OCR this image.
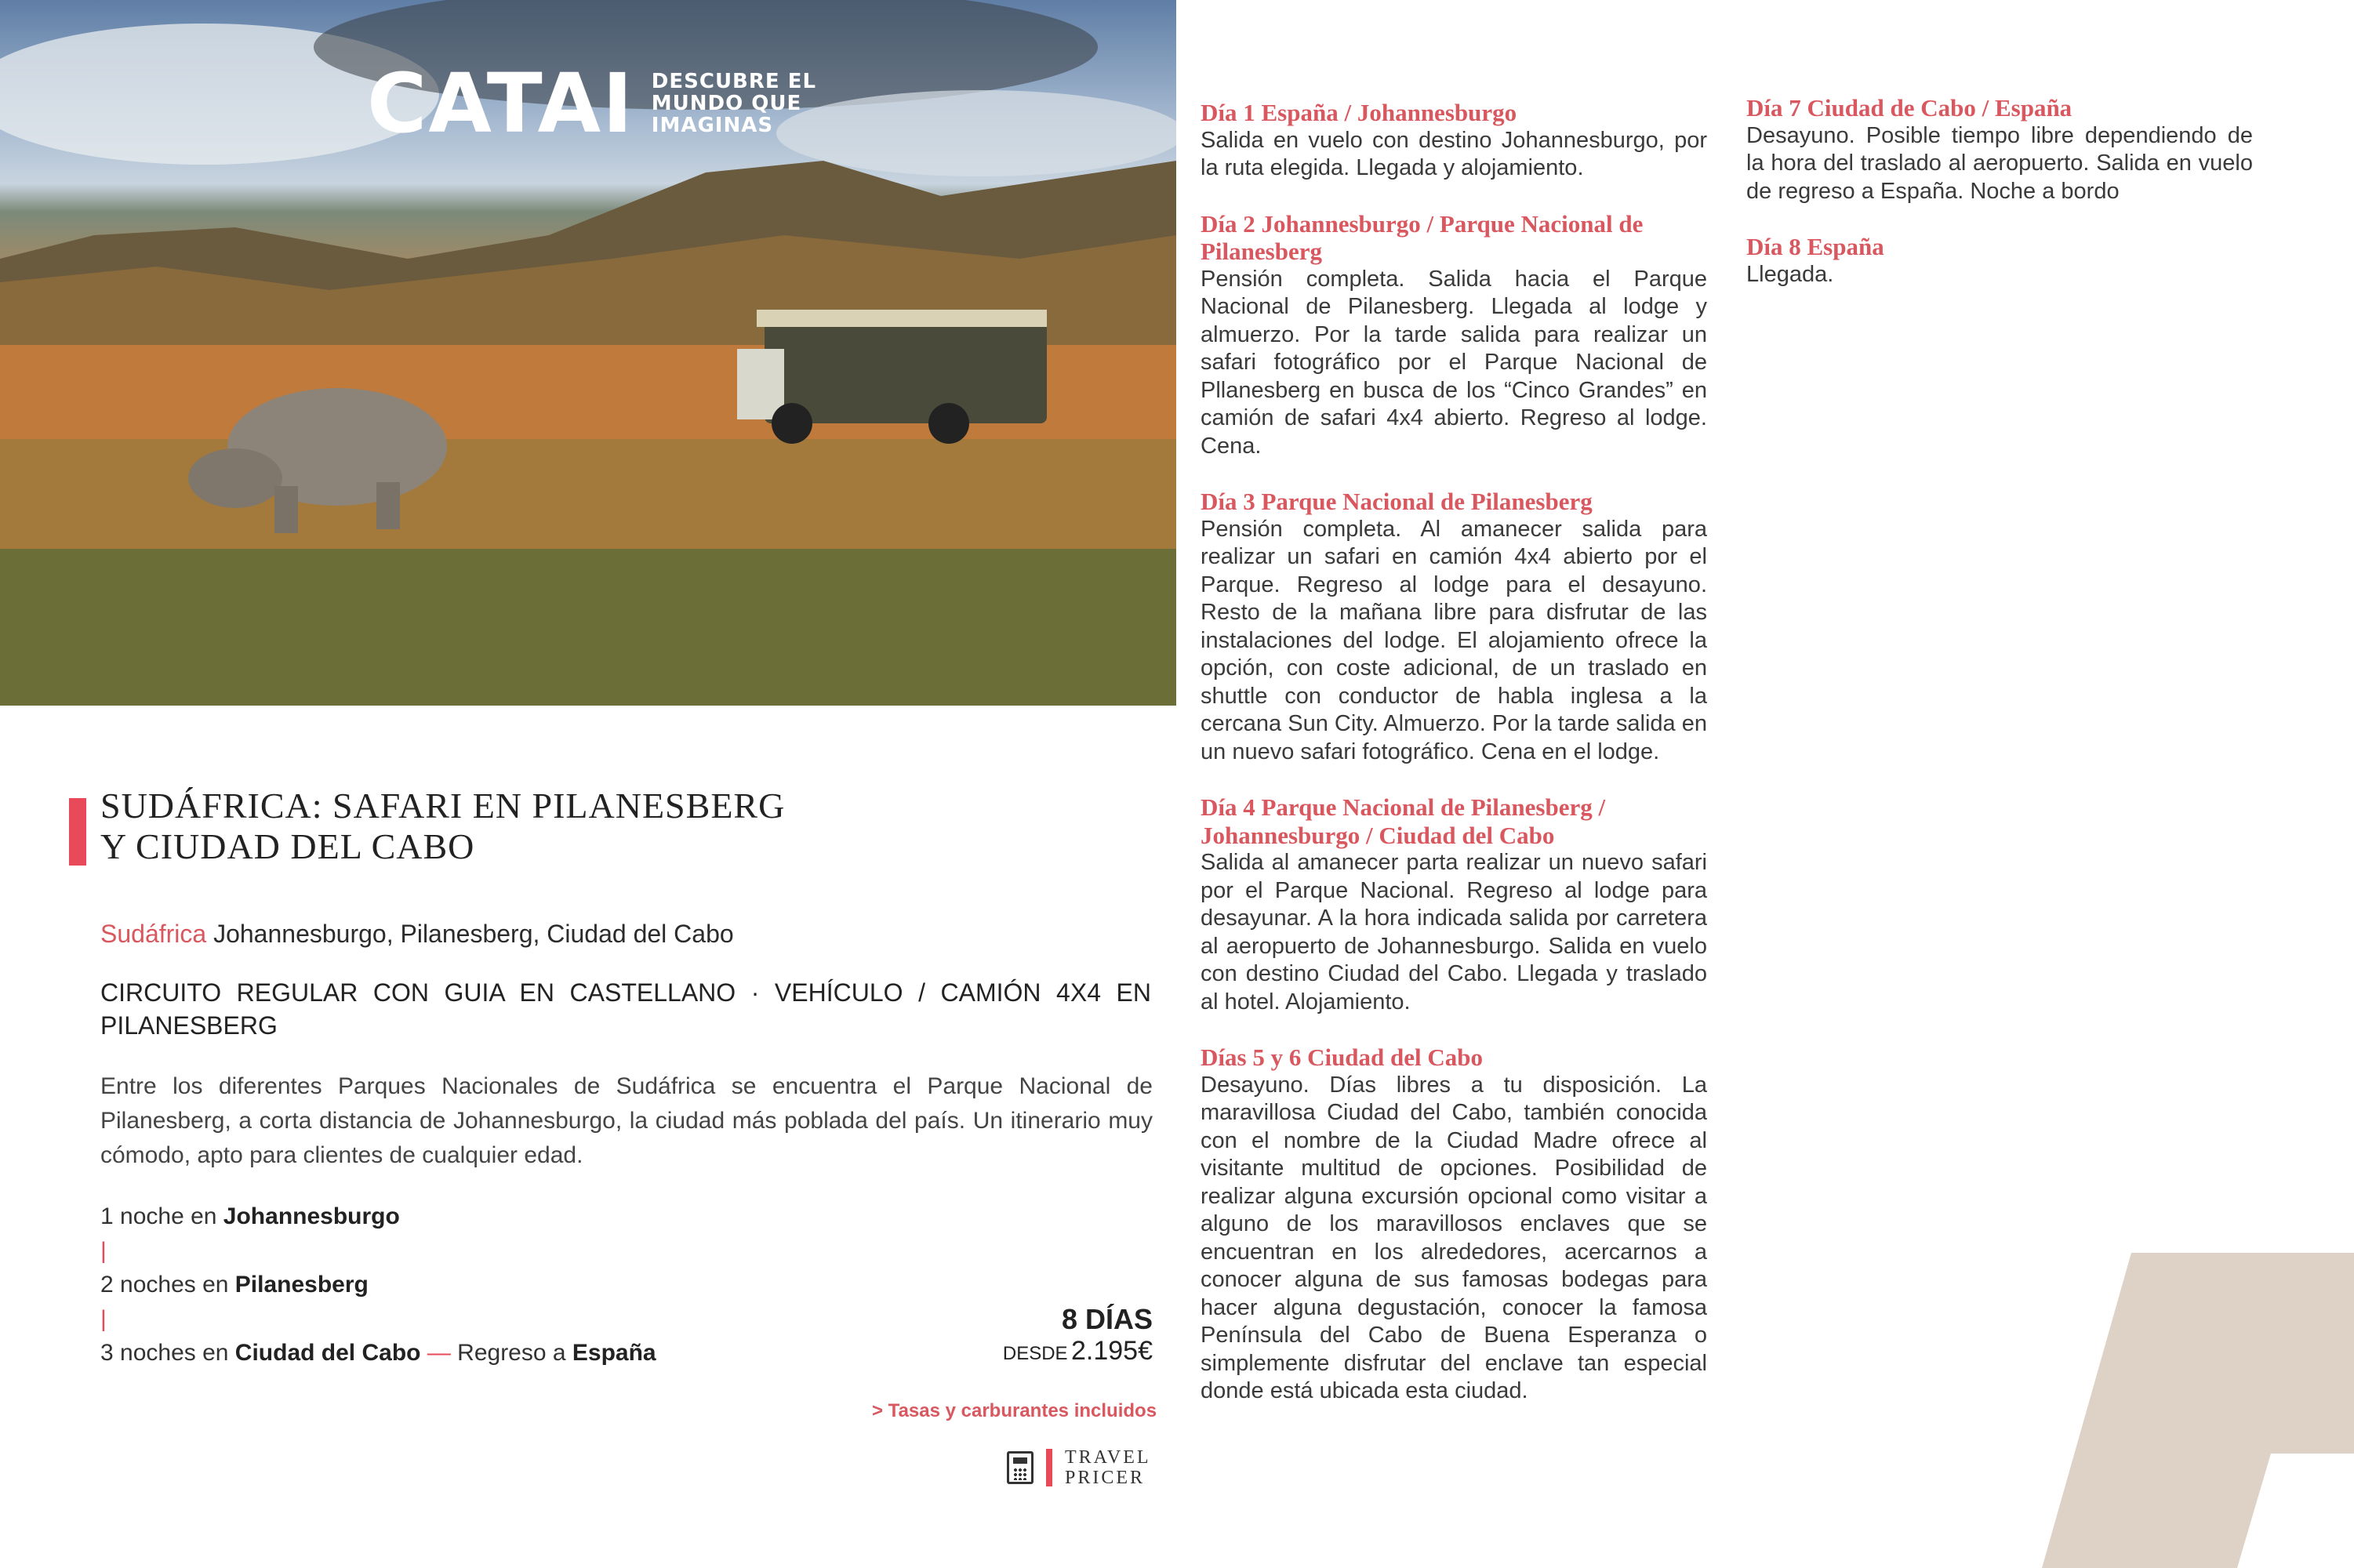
CATAI DESCUBRE EL
MUNDO QUE
IMAGINAS
SUDÁFRICA: SAFARI EN PILANESBERG
Y CIUDAD DEL CABO
Sudáfrica Johannesburgo, Pilanesberg, Ciudad del Cabo
CIRCUITO REGULAR CON GUIA EN CASTELLANO · VEHÍCULO / CAMIÓN 4X4 EN PILANESBERG
Entre los diferentes Parques Nacionales de Sudáfrica se encuentra el Parque Nacional de Pilanesberg, a corta distancia de Johannesburgo, la ciudad más poblada del país. Un itinerario muy cómodo, apto para clientes de cualquier edad.
1 noche en Johannesburgo
|
2 noches en Pilanesberg
|
3 noches en Ciudad del Cabo — Regreso a España
8 DÍAS
DESDE 2.195€
> Tasas y carburantes incluidos
TRAVEL
PRICER
Día 1 España / Johannesburgo
Salida en vuelo con destino Johannesburgo, por la ruta elegida. Llegada y alojamiento.
Día 2 Johannesburgo / Parque Nacional de Pilanesberg
Pensión completa. Salida hacia el Parque Nacional de Pilanesberg. Llegada al lodge y almuerzo. Por la tarde salida para realizar un safari fotográfico por el Parque Nacional de Pllanesberg en busca de los “Cinco Grandes” en camión de safari 4x4 abierto. Regreso al lodge. Cena.
Día 3 Parque Nacional de Pilanesberg
Pensión completa. Al amanecer salida para realizar un safari en camión 4x4 abierto por el Parque. Regreso al lodge para el desayuno. Resto de la mañana libre para disfrutar de las instalaciones del lodge. El alojamiento ofrece la opción, con coste adicional, de un traslado en shuttle con conductor de habla inglesa a la cercana Sun City. Almuerzo. Por la tarde salida en un nuevo safari fotográfico. Cena en el lodge.
Día 4 Parque Nacional de Pilanesberg / Johannesburgo / Ciudad del Cabo
Salida al amanecer parta realizar un nuevo safari por el Parque Nacional. Regreso al lodge para desayunar. A la hora indicada salida por carretera al aeropuerto de Johannesburgo. Salida en vuelo con destino Ciudad del Cabo. Llegada y traslado al hotel. Alojamiento.
Días 5 y 6 Ciudad del Cabo
Desayuno. Días libres a tu disposición. La maravillosa Ciudad del Cabo, también conocida con el nombre de la Ciudad Madre ofrece al visitante multitud de opciones. Posibilidad de realizar alguna excursión opcional como visitar a alguno de los maravillosos enclaves que se encuentran en los alrededores, acercarnos a conocer alguna de sus famosas bodegas para hacer alguna degustación, conocer la famosa Península del Cabo de Buena Esperanza o simplemente disfrutar del enclave tan especial donde está ubicada esta ciudad.
Día 7 Ciudad de Cabo / España
Desayuno. Posible tiempo libre dependiendo de la hora del traslado al aeropuerto. Salida en vuelo de regreso a España. Noche a bordo
Día 8 España
Llegada.
